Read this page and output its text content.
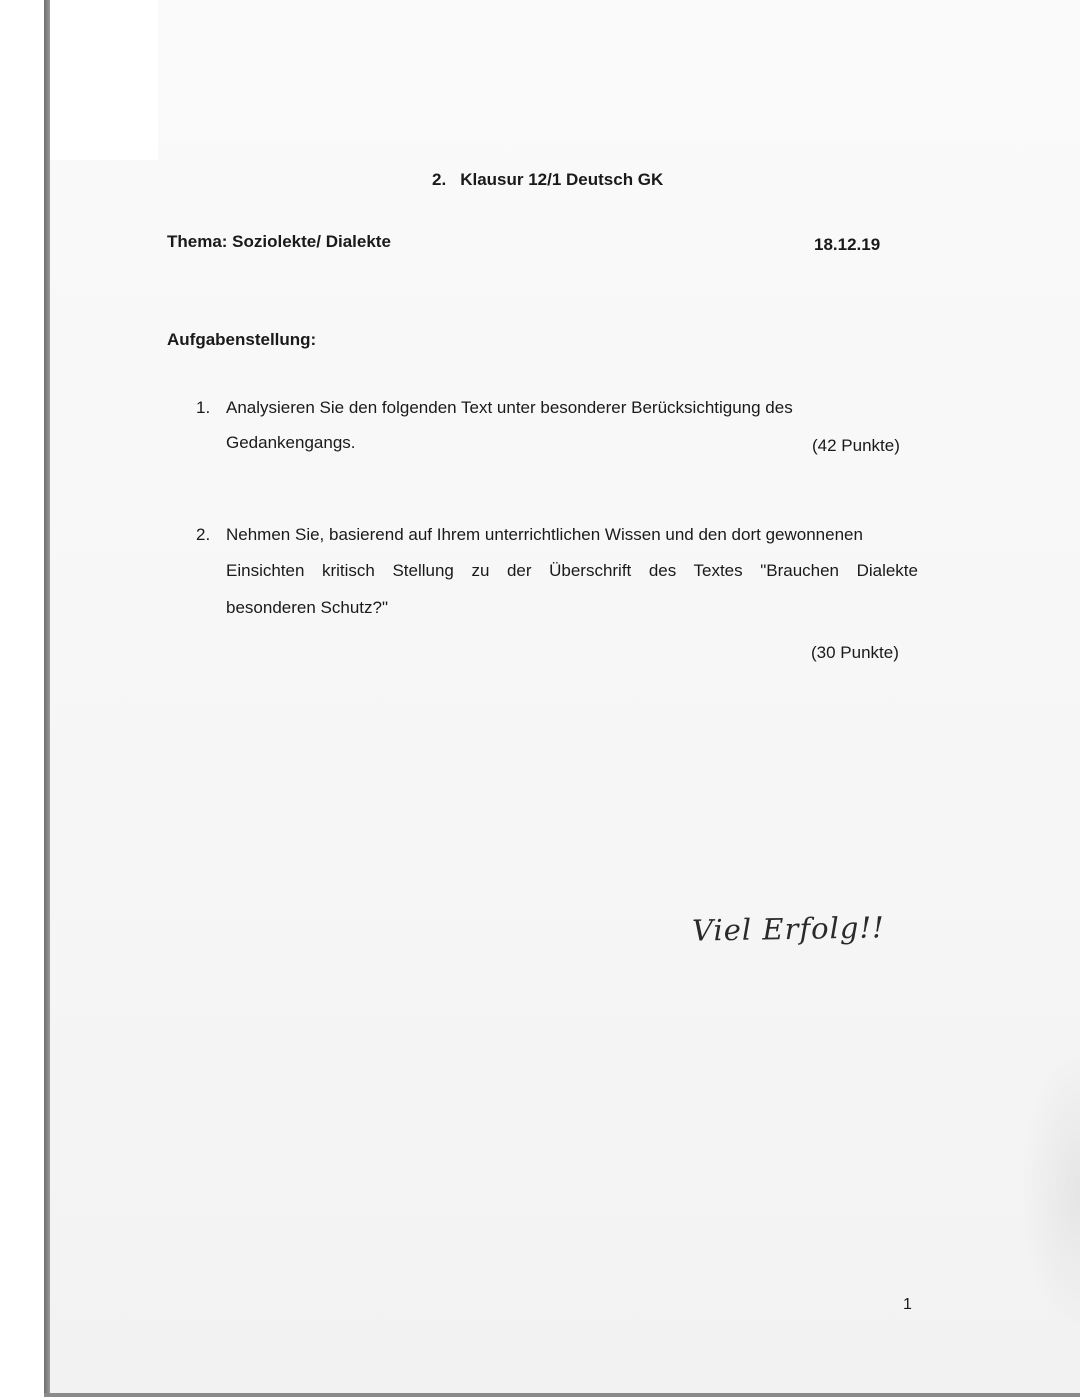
2. Klausur 12/1 Deutsch GK
Thema: Soziolekte/ Dialekte	18.12.19
Aufgabenstellung:
1. Analysieren Sie den folgenden Text unter besonderer Berücksichtigung des
Gedankengangs.	(42 Punkte)
2. Nehmen Sie, basierend auf Ihrem unterrichtlichen Wissen und den dort gewonnenen
Einsichten kritisch Stellung zu der Überschrift des Textes "Brauchen Dialekte
besonderen Schutz?"
(30 Punkte)
Viel Erfolg!!
1
